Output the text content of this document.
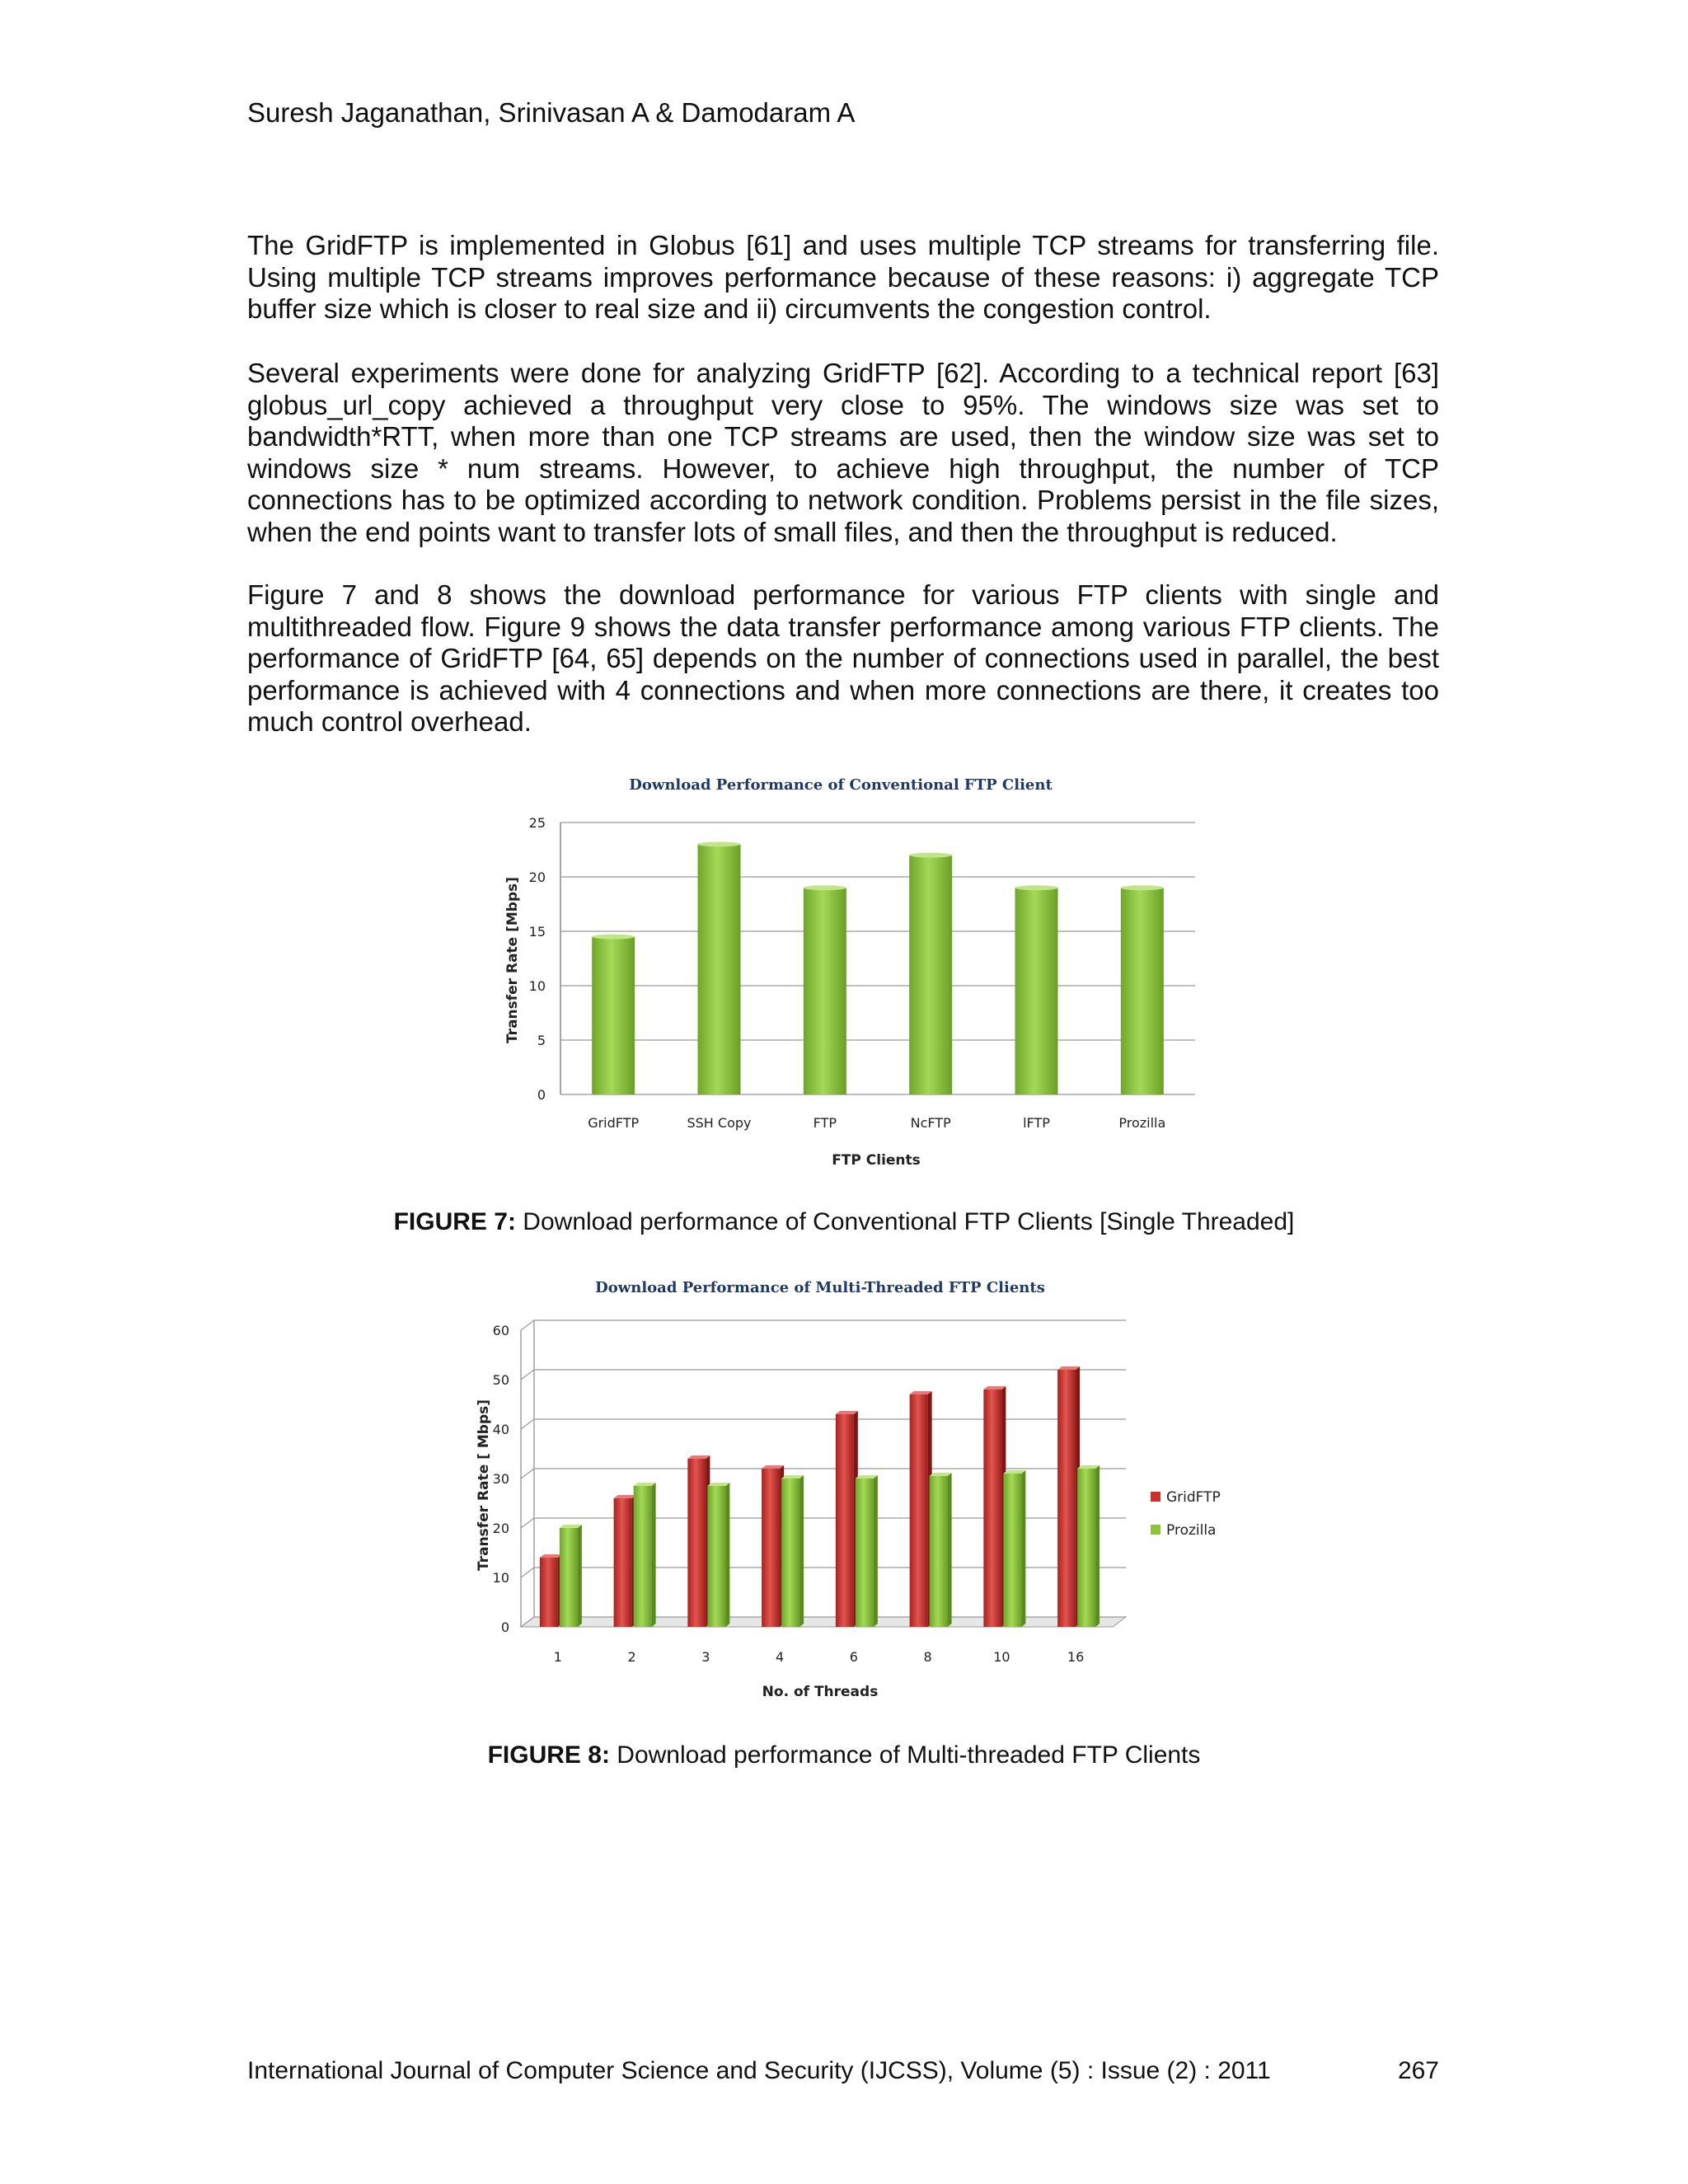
Suresh Jaganathan, Srinivasan A & Damodaram A

The GridFTP is implemented in Globus [61] and uses multiple TCP streams for transferring file. Using multiple TCP streams improves performance because of these reasons: i) aggregate TCP buffer size which is closer to real size and ii) circumvents the congestion control.

Several experiments were done for analyzing GridFTP [62]. According to a technical report [63] globus_url_copy achieved a throughput very close to 95%. The windows size was set to bandwidth*RTT, when more than one TCP streams are used, then the window size was set to windows size * num streams. However, to achieve high throughput, the number of TCP connections has to be optimized according to network condition. Problems persist in the file sizes, when the end points want to transfer lots of small files, and then the throughput is reduced.

Figure 7 and 8 shows the download performance for various FTP clients with single and multithreaded flow. Figure 9 shows the data transfer performance among various FTP clients. The performance of GridFTP [64, 65] depends on the number of connections used in parallel, the best performance is achieved with 4 connections and when more connections are there, it creates too much control overhead.

Download Performance of Conventional FTP Client
Transfer Rate [Mbps]
FTP Clients
0
5
10
15
20
25
GridFTP	SSH Copy	FTP	NcFTP	lFTP	Prozilla
FIGURE 7: Download performance of Conventional FTP Clients [Single Threaded]
Download Performance of Multi-Threaded FTP Clients
Transfer Rate [ Mbps]
No. of Threads
0
10
20
30
40
50
60
1	2	3	4	6	8	10	16
GridFTP
Prozilla
FIGURE 8: Download performance of Multi-threaded FTP Clients
International Journal of Computer Science and Security (IJCSS), Volume (5) : Issue (2) : 2011	267
